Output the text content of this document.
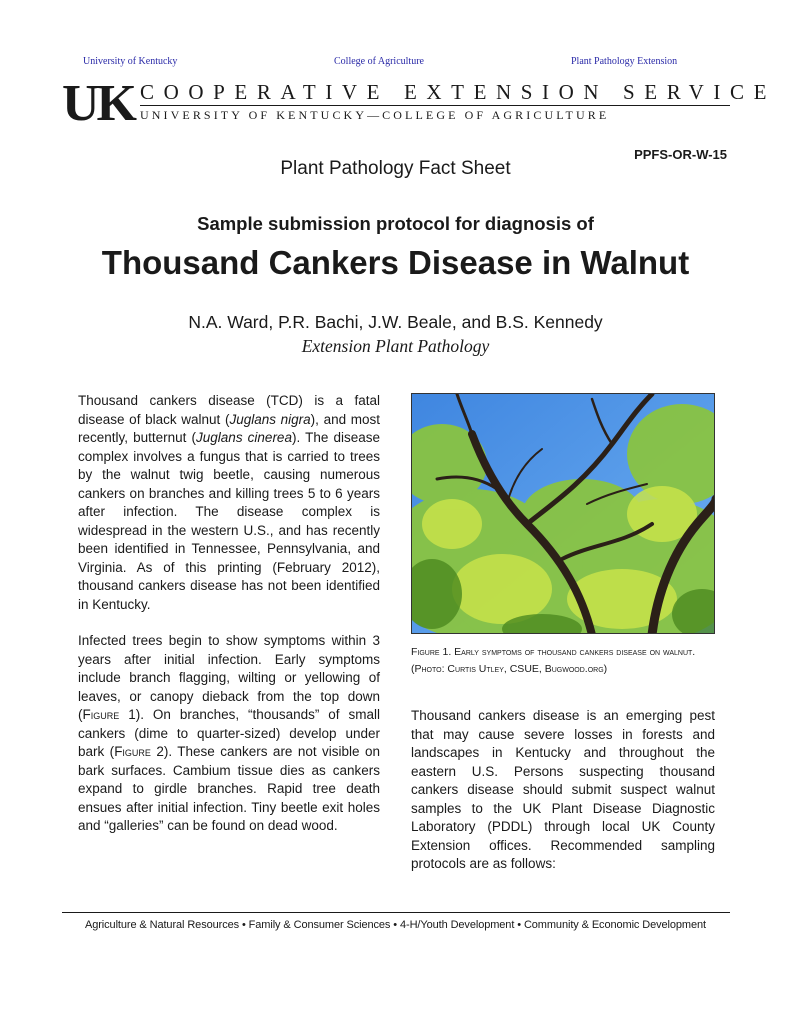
University of Kentucky	College of Agriculture	Plant Pathology Extension
UK COOPERATIVE EXTENSION SERVICE
UNIVERSITY OF KENTUCKY—COLLEGE OF AGRICULTURE
PPFS-OR-W-15
Plant Pathology Fact Sheet
Sample submission protocol for diagnosis of
Thousand Cankers Disease in Walnut
N.A. Ward, P.R. Bachi, J.W. Beale, and B.S. Kennedy
Extension Plant Pathology

Thousand cankers disease (TCD) is a fatal disease of black walnut (Juglans nigra), and most recently, butternut (Juglans cinerea). The disease complex involves a fungus that is carried to trees by the walnut twig beetle, causing numerous cankers on branches and killing trees 5 to 6 years after infection. The disease complex is widespread in the western U.S., and has recently been identified in Tennessee, Pennsylvania, and Virginia. As of this printing (February 2012), thousand cankers disease has not been identified in Kentucky.

Infected trees begin to show symptoms within 3 years after initial infection. Early symptoms include branch flagging, wilting or yellowing of leaves, or canopy dieback from the top down (Figure 1). On branches, “thousands” of small cankers (dime to quarter-sized) develop under bark (Figure 2). These cankers are not visible on bark surfaces. Cambium tissue dies as cankers expand to girdle branches. Rapid tree death ensues after initial infection. Tiny beetle exit holes and “galleries” can be found on dead wood.

Figure 1. Early symptoms of thousand cankers disease on walnut. (Photo: Curtis Utley, CSUE, Bugwood.org)

Thousand cankers disease is an emerging pest that may cause severe losses in forests and landscapes in Kentucky and throughout the eastern U.S. Persons suspecting thousand cankers disease should submit suspect walnut samples to the UK Plant Disease Diagnostic Laboratory (PDDL) through local UK County Extension offices. Recommended sampling protocols are as follows:

Agriculture & Natural Resources • Family & Consumer Sciences • 4-H/Youth Development • Community & Economic Development
